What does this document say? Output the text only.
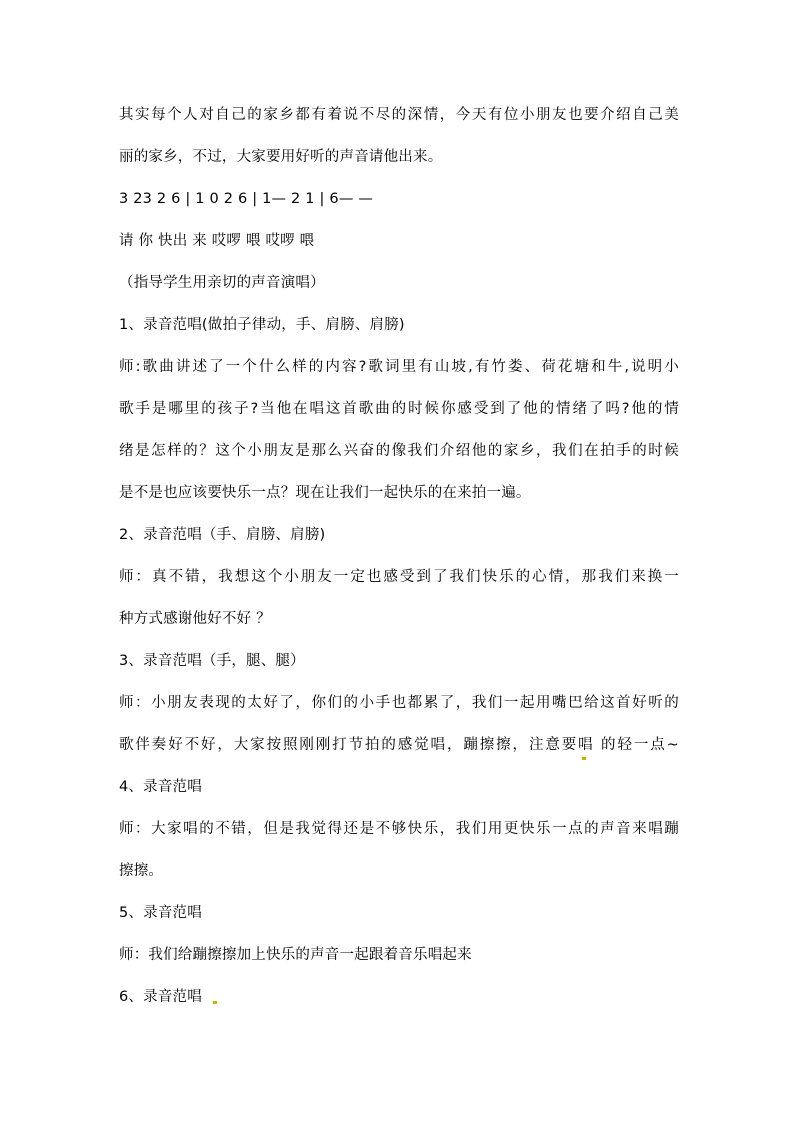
其实每个人对自己的家乡都有着说不尽的深情，今天有位小朋友也要介绍自己美
丽的家乡，不过，大家要用好听的声音请他出来。
3 23 2 6 | 1 0 2 6 | 1— 2 1 | 6— —
请 你 快出 来 哎啰 喂 哎啰 喂
（指导学生用亲切的声音演唱）
1、录音范唱(做拍子律动，手、肩膀、肩膀)
师:歌曲讲述了一个什么样的内容?歌词里有山坡,有竹娄、荷花塘和牛,说明小
歌手是哪里的孩子?当他在唱这首歌曲的时候你感受到了他的情绪了吗?他的情
绪是怎样的？这个小朋友是那么兴奋的像我们介绍他的家乡，我们在拍手的时候
是不是也应该要快乐一点？现在让我们一起快乐的在来拍一遍。
2、录音范唱（手、肩膀、肩膀)
师：真不错，我想这个小朋友一定也感受到了我们快乐的心情，那我们来换一
种方式感谢他好不好 ？
3、录音范唱（手，腿、腿）
师：小朋友表现的太好了，你们的小手也都累了，我们一起用嘴巴给这首好听的
歌伴奏好不好，大家按照刚刚打节拍的感觉唱，蹦擦擦，注意要唱 的轻一点~
4、录音范唱
师：大家唱的不错，但是我觉得还是不够快乐，我们用更快乐一点的声音来唱蹦
擦擦。
5、录音范唱
师：我们给蹦擦擦加上快乐的声音一起跟着音乐唱起来
6、录音范唱
